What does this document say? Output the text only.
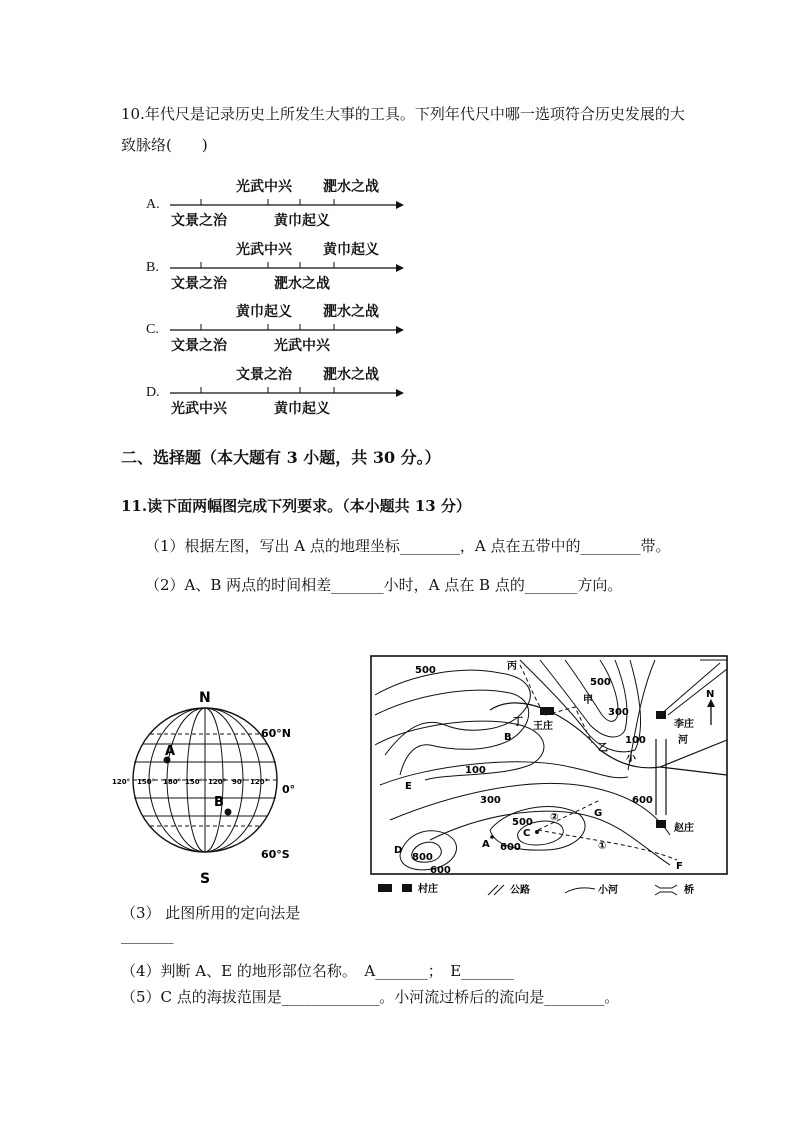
10.年代尺是记录历史上所发生大事的工具。下列年代尺中哪一选项符合历史发展的大致脉络(　　)
A.
光武中兴 淝水之战
文景之治	黄巾起义
B.
光武中兴 黄巾起义
文景之治	淝水之战
C.
黄巾起义 淝水之战
文景之治	光武中兴
D.
文景之治 淝水之战
光武中兴	黄巾起义
二、选择题（本大题有 3 小题，共 30 分。）
11.读下面两幅图完成下列要求。（本小题共 13 分）
（1）根据左图，写出 A 点的地理坐标________，A 点在五带中的________带。
（2）A、B 两点的时间相差_______小时，A 点在 B 点的_______方向。
N
S
60°N
0°
60°S
A
B
120° 150° 180° 150° 120° 90° 120°
N
500
500
300
100
100
300
500
600
800
600
600
丙
甲
乙
丁 王庄	李庄
河
小
赵庄
A
B
C
D
E
F
G
①
②
村庄	公路	小河	桥
（3） 此图所用的定向法是
_______
（4）判断 A、E 的地形部位名称。　A_______；　E_______
（5）C 点的海拔范围是_____________。小河流过桥后的流向是________。
